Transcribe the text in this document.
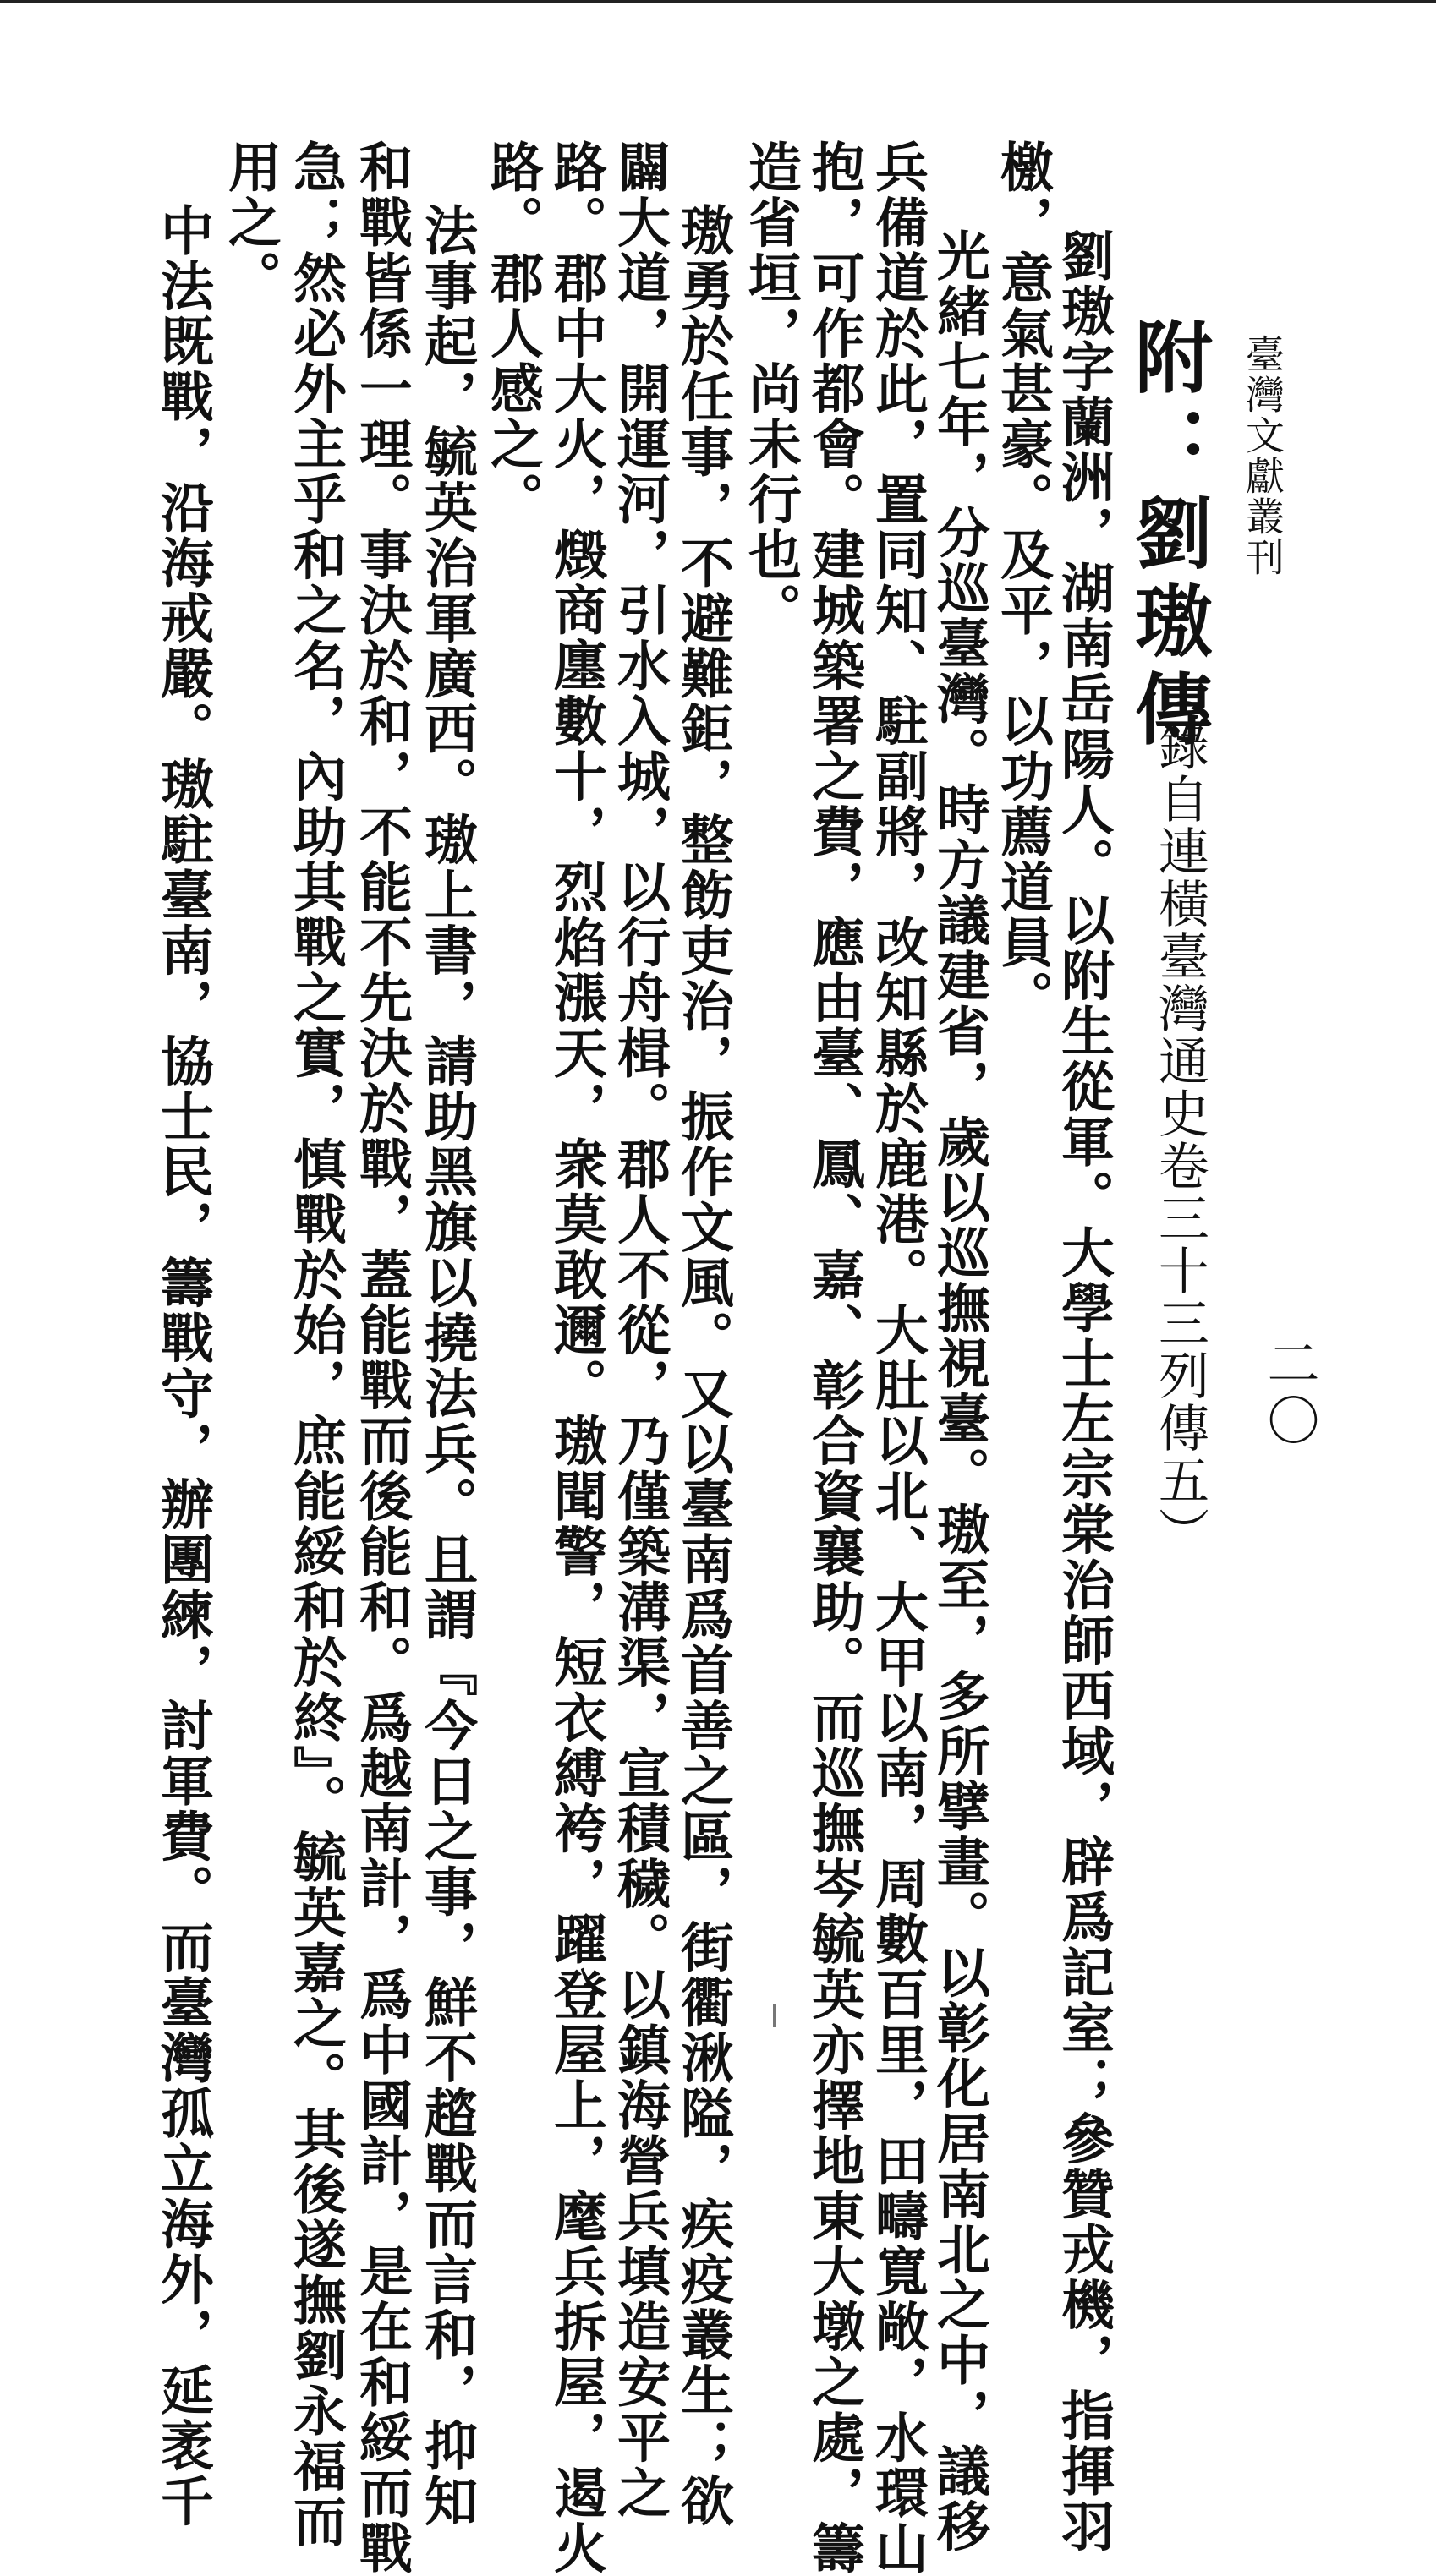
臺灣文獻叢刊
二〇
附：劉璈傳
（錄自連橫臺灣通史卷三十三列傳五）
劉璈字蘭洲，湖南岳陽人。以附生從軍。大學士左宗棠治師西域，辟爲記室；參贊戎機，指揮羽
檄，意氣甚豪。及平，以功薦道員。
光緒七年，分巡臺灣。時方議建省，歲以巡撫視臺。璈至，多所擘畫。以彰化居南北之中，議移
兵備道於此，置同知、駐副將，改知縣於鹿港。大肚以北、大甲以南，周數百里，田疇寬敞，水環山
抱，可作都會。建城築署之費，應由臺、鳳、嘉、彰合資襄助。而巡撫岑毓英亦擇地東大墩之處，籌
造省垣，尚未行也。
璈勇於任事，不避難鉅，整飭吏治，振作文風。又以臺南爲首善之區，街衢湫隘，疾疫叢生；欲
闢大道，開運河，引水入城，以行舟楫。郡人不從，乃僅築溝渠，宣積穢。以鎮海營兵填造安平之
路。郡中大火，燬商廛數十，烈焰漲天，衆莫敢邇。璈聞警，短衣縛袴，躍登屋上，麾兵拆屋，遏火
路。郡人感之。
法事起，毓英治軍廣西。璈上書，請助黑旗以撓法兵。且謂『今日之事，鮮不趦戰而言和，抑知
和戰皆係一理。事決於和，不能不先決於戰，蓋能戰而後能和。爲越南計，爲中國計，是在和綏而戰
急；然必外主乎和之名，內助其戰之實，慎戰於始，庶能綏和於終』。毓英嘉之。其後遂撫劉永福而
用之。
中法既戰，沿海戒嚴。璈駐臺南，協士民，籌戰守，辦團練，討軍費。而臺灣孤立海外，延袤千
